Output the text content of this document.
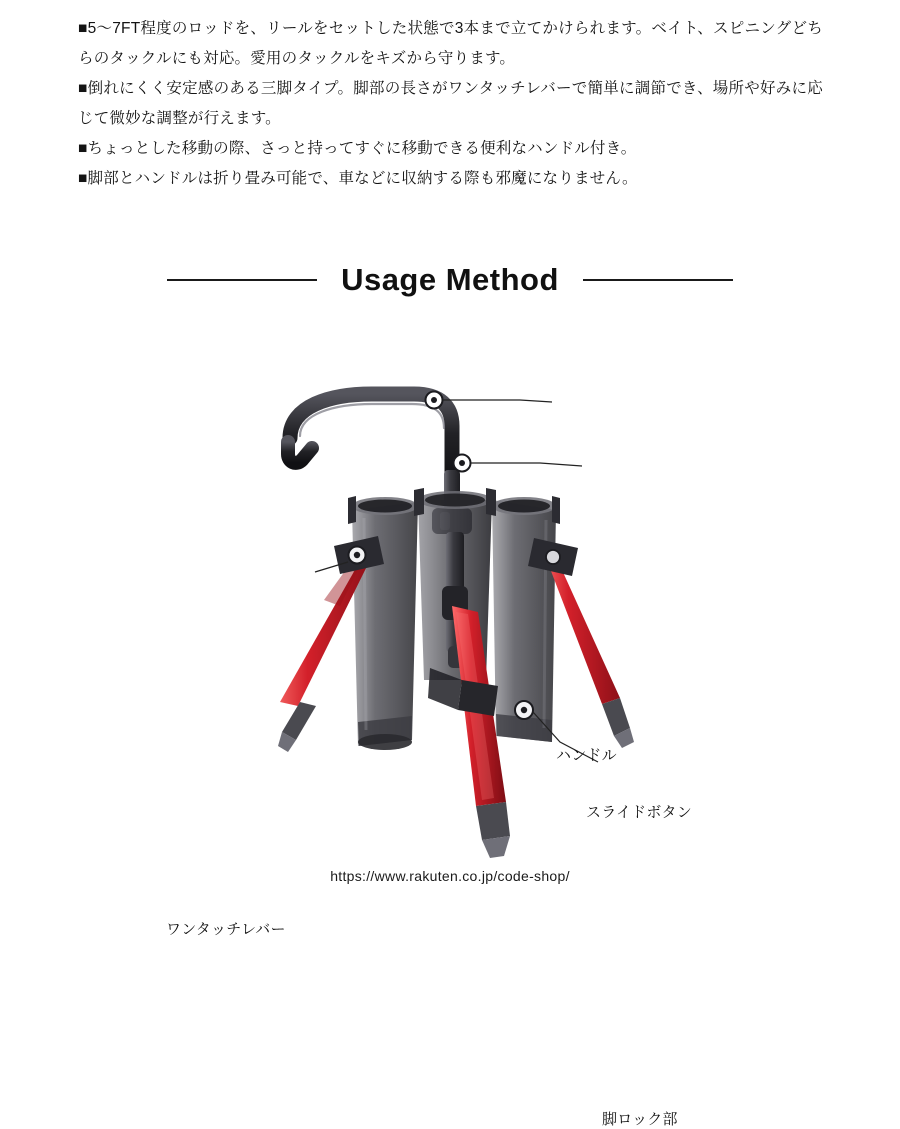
■5〜7FT程度のロッドを、リールをセットした状態で3本まで立てかけられます。ベイト、スピニングどちらのタックルにも対応。愛用のタックルをキズから守ります。
■倒れにくく安定感のある三脚タイプ。脚部の長さがワンタッチレバーで簡単に調節でき、場所や好みに応じて微妙な調整が行えます。
■ちょっとした移動の際、さっと持ってすぐに移動できる便利なハンドル付き。
■脚部とハンドルは折り畳み可能で、車などに収納する際も邪魔になりません。
Usage Method
ハンドル
スライドボタン
ワンタッチレバー
脚ロック部
https://www.rakuten.co.jp/code-shop/
